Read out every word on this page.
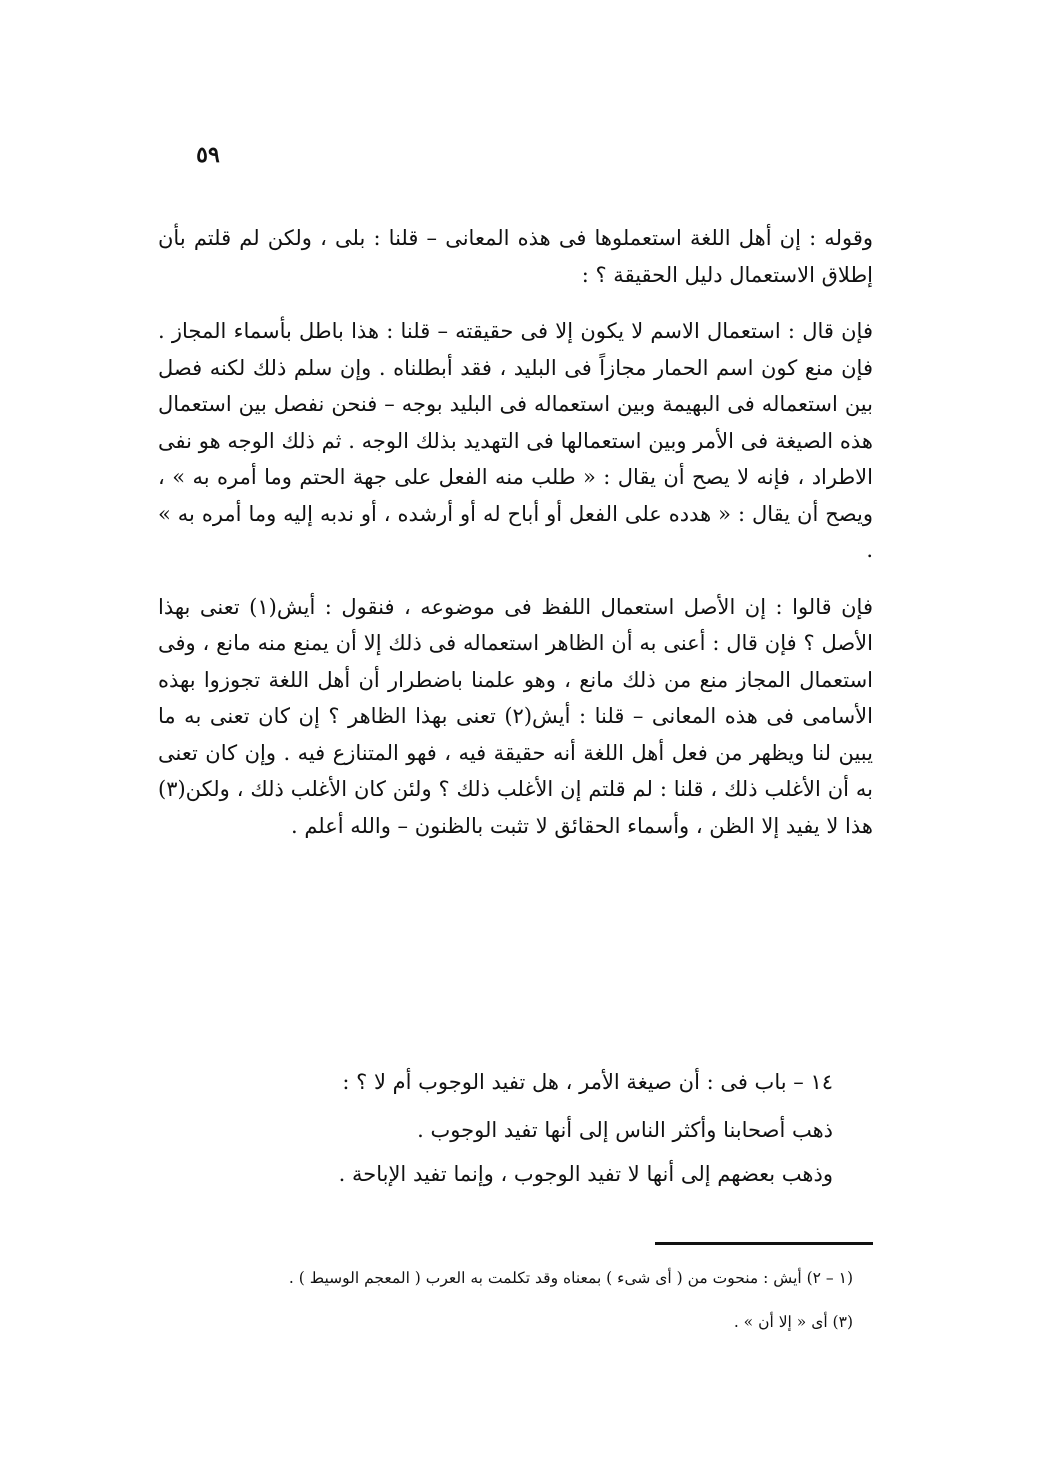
٥٩

وقوله : إن أهل اللغة استعملوها فى هذه المعانى – قلنا : بلى ، ولكن لم قلتم بأن إطلاق الاستعمال دليل الحقيقة ؟ :

فإن قال : استعمال الاسم لا يكون إلا فى حقيقته – قلنا : هذا باطل بأسماء المجاز . فإن منع كون اسم الحمار مجازاً فى البليد ، فقد أبطلناه . وإن سلم ذلك لكنه فصل بين استعماله فى البهيمة وبين استعماله فى البليد بوجه – فنحن نفصل بين استعمال هذه الصيغة فى الأمر وبين استعمالها فى التهديد بذلك الوجه . ثم ذلك الوجه هو نفى الاطراد ، فإنه لا يصح أن يقال : « طلب منه الفعل على جهة الحتم وما أمره به » ، ويصح أن يقال : « هدده على الفعل أو أباح له أو أرشده ، أو ندبه إليه وما أمره به » .

فإن قالوا : إن الأصل استعمال اللفظ فى موضوعه ، فنقول : أيش(١) تعنى بهذا الأصل ؟ فإن قال : أعنى به أن الظاهر استعماله فى ذلك إلا أن يمنع منه مانع ، وفى استعمال المجاز منع من ذلك مانع ، وهو علمنا باضطرار أن أهل اللغة تجوزوا بهذه الأسامى فى هذه المعانى – قلنا : أيش(٢) تعنى بهذا الظاهر ؟ إن كان تعنى به ما يبين لنا ويظهر من فعل أهل اللغة أنه حقيقة فيه ، فهو المتنازع فيه . وإن كان تعنى به أن الأغلب ذلك ، قلنا : لم قلتم إن الأغلب ذلك ؟ ولئن كان الأغلب ذلك ، ولكن(٣) هذا لا يفيد إلا الظن ، وأسماء الحقائق لا تثبت بالظنون – والله أعلم .

١٤ – باب فى : أن صيغة الأمر ، هل تفيد الوجوب أم لا ؟ :

ذهب أصحابنا وأكثر الناس إلى أنها تفيد الوجوب .

وذهب بعضهم إلى أنها لا تفيد الوجوب ، وإنما تفيد الإباحة .

(١ – ٢) أيش : منحوت من ( أى شىء ) بمعناه وقد تكلمت به العرب ( المعجم الوسيط ) .

(٣) أى « إلا أن » .
